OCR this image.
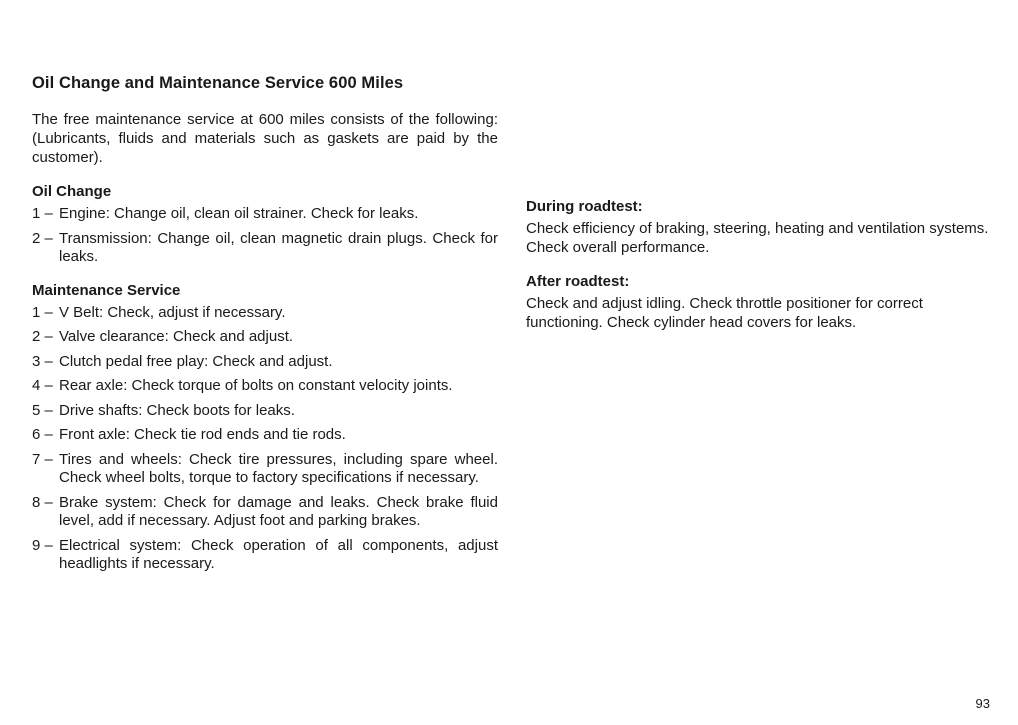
Oil Change and Maintenance Service 600 Miles

The free maintenance service at 600 miles consists of the following: (Lubricants, fluids and materials such as gaskets are paid by the customer).

Oil Change
1 – Engine: Change oil, clean oil strainer. Check for leaks.
2 – Transmission: Change oil, clean magnetic drain plugs. Check for leaks.
Maintenance Service
1 – V Belt: Check, adjust if necessary.
2 – Valve clearance: Check and adjust.
3 – Clutch pedal free play: Check and adjust.
4 – Rear axle: Check torque of bolts on constant velocity joints.
5 – Drive shafts: Check boots for leaks.
6 – Front axle: Check tie rod ends and tie rods.
7 – Tires and wheels: Check tire pressures, including spare wheel. Check wheel bolts, torque to factory specifications if necessary.
8 – Brake system: Check for damage and leaks. Check brake fluid level, add if necessary. Adjust foot and parking brakes.
9 – Electrical system: Check operation of all components, adjust headlights if necessary.
During roadtest:

Check efficiency of braking, steering, heating and ventilation systems. Check overall performance.

After roadtest:

Check and adjust idling. Check throttle positioner for correct functioning. Check cylinder head covers for leaks.

93
